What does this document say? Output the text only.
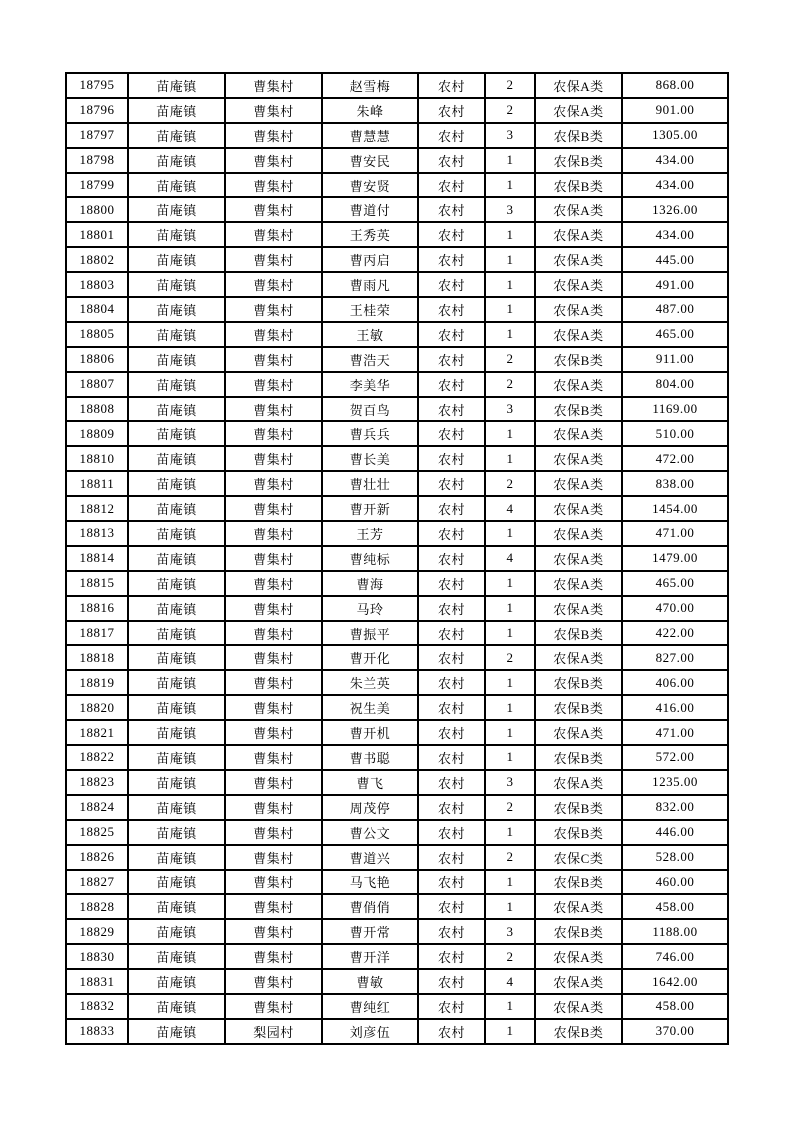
18795	苗庵镇	曹集村	赵雪梅	农村	2	农保A类	868.00
18796	苗庵镇	曹集村	朱峰	农村	2	农保A类	901.00
18797	苗庵镇	曹集村	曹慧慧	农村	3	农保B类	1305.00
18798	苗庵镇	曹集村	曹安民	农村	1	农保B类	434.00
18799	苗庵镇	曹集村	曹安贤	农村	1	农保B类	434.00
18800	苗庵镇	曹集村	曹道付	农村	3	农保A类	1326.00
18801	苗庵镇	曹集村	王秀英	农村	1	农保A类	434.00
18802	苗庵镇	曹集村	曹丙启	农村	1	农保A类	445.00
18803	苗庵镇	曹集村	曹雨凡	农村	1	农保A类	491.00
18804	苗庵镇	曹集村	王桂荣	农村	1	农保A类	487.00
18805	苗庵镇	曹集村	王敏	农村	1	农保A类	465.00
18806	苗庵镇	曹集村	曹浩天	农村	2	农保B类	911.00
18807	苗庵镇	曹集村	李美华	农村	2	农保A类	804.00
18808	苗庵镇	曹集村	贺百鸟	农村	3	农保B类	1169.00
18809	苗庵镇	曹集村	曹兵兵	农村	1	农保A类	510.00
18810	苗庵镇	曹集村	曹长美	农村	1	农保A类	472.00
18811	苗庵镇	曹集村	曹壮壮	农村	2	农保A类	838.00
18812	苗庵镇	曹集村	曹开新	农村	4	农保A类	1454.00
18813	苗庵镇	曹集村	王芳	农村	1	农保A类	471.00
18814	苗庵镇	曹集村	曹纯标	农村	4	农保A类	1479.00
18815	苗庵镇	曹集村	曹海	农村	1	农保A类	465.00
18816	苗庵镇	曹集村	马玲	农村	1	农保A类	470.00
18817	苗庵镇	曹集村	曹振平	农村	1	农保B类	422.00
18818	苗庵镇	曹集村	曹开化	农村	2	农保A类	827.00
18819	苗庵镇	曹集村	朱兰英	农村	1	农保B类	406.00
18820	苗庵镇	曹集村	祝生美	农村	1	农保B类	416.00
18821	苗庵镇	曹集村	曹开机	农村	1	农保A类	471.00
18822	苗庵镇	曹集村	曹书聪	农村	1	农保B类	572.00
18823	苗庵镇	曹集村	曹飞	农村	3	农保A类	1235.00
18824	苗庵镇	曹集村	周茂停	农村	2	农保B类	832.00
18825	苗庵镇	曹集村	曹公文	农村	1	农保B类	446.00
18826	苗庵镇	曹集村	曹道兴	农村	2	农保C类	528.00
18827	苗庵镇	曹集村	马飞艳	农村	1	农保B类	460.00
18828	苗庵镇	曹集村	曹俏俏	农村	1	农保A类	458.00
18829	苗庵镇	曹集村	曹开常	农村	3	农保B类	1188.00
18830	苗庵镇	曹集村	曹开洋	农村	2	农保A类	746.00
18831	苗庵镇	曹集村	曹敏	农村	4	农保A类	1642.00
18832	苗庵镇	曹集村	曹纯红	农村	1	农保A类	458.00
18833	苗庵镇	梨园村	刘彦伍	农村	1	农保B类	370.00
